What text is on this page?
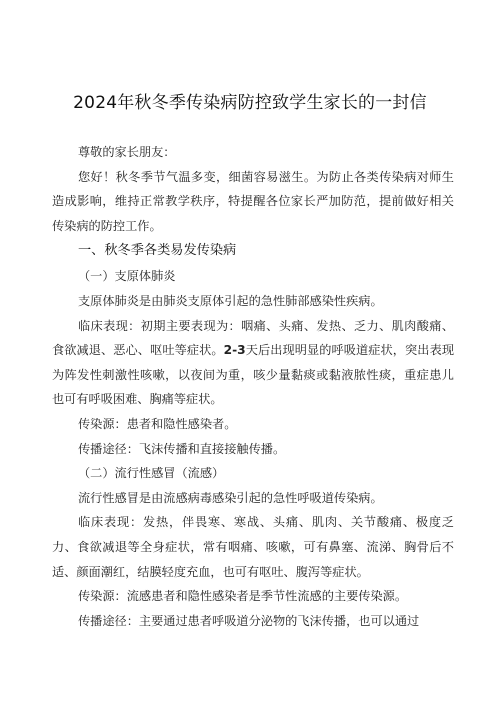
2024年秋冬季传染病防控致学生家长的一封信

尊敬的家长朋友：

您好！秋冬季节气温多变，细菌容易滋生。为防止各类传染病对师生造成影响，维持正常教学秩序，特提醒各位家长严加防范，提前做好相关传染病的防控工作。

一、秋冬季各类易发传染病

（一）支原体肺炎

支原体肺炎是由肺炎支原体引起的急性肺部感染性疾病。

临床表现：初期主要表现为：咽痛、头痛、发热、乏力、肌肉酸痛、食欲减退、恶心、呕吐等症状。2-3天后出现明显的呼吸道症状，突出表现为阵发性刺激性咳嗽，以夜间为重，咳少量黏痰或黏液脓性痰，重症患儿也可有呼吸困难、胸痛等症状。

传染源：患者和隐性感染者。

传播途径：飞沫传播和直接接触传播。

（二）流行性感冒（流感）

流行性感冒是由流感病毒感染引起的急性呼吸道传染病。

临床表现：发热，伴畏寒、寒战、头痛、肌肉、关节酸痛、极度乏力、食欲减退等全身症状，常有咽痛、咳嗽，可有鼻塞、流涕、胸骨后不适、颜面潮红，结膜轻度充血，也可有呕吐、腹泻等症状。

传染源：流感患者和隐性感染者是季节性流感的主要传染源。

传播途径：主要通过患者呼吸道分泌物的飞沫传播，也可以通过
